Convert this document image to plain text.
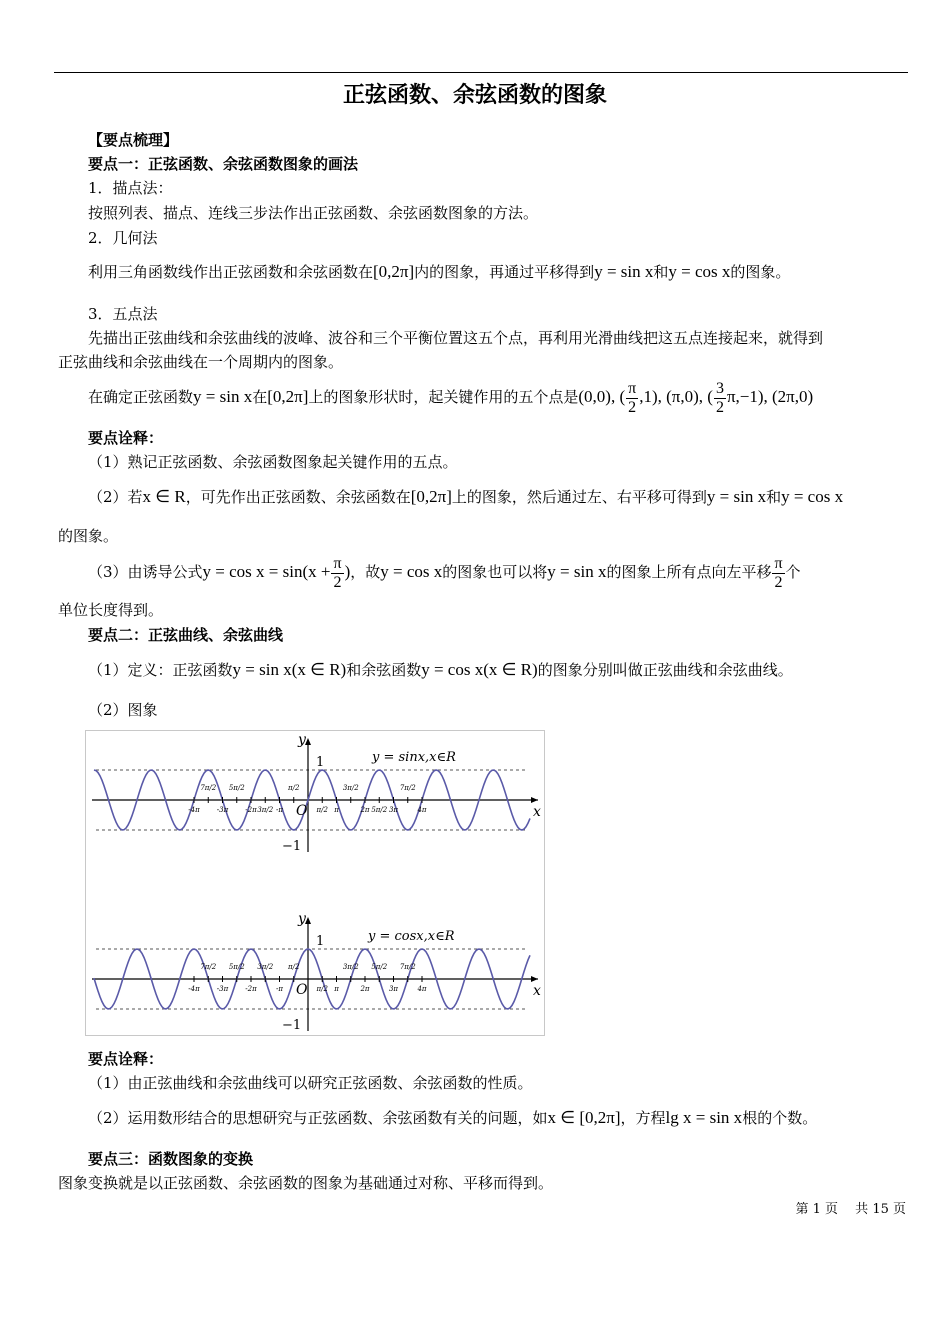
正弦函数、余弦函数的图象
【要点梳理】
要点一：正弦函数、余弦函数图象的画法
1．描点法：
按照列表、描点、连线三步法作出正弦函数、余弦函数图象的方法。
2．几何法
利用三角函数线作出正弦函数和余弦函数在[0,2π]内的图象，再通过平移得到y = sin x和y = cos x的图象。
3．五点法
先描出正弦曲线和余弦曲线的波峰、波谷和三个平衡位置这五个点，再利用光滑曲线把这五点连接起来，就得到
正弦曲线和余弦曲线在一个周期内的图象。
在确定正弦函数y = sin x在[0,2π]上的图象形状时，起关键作用的五个点是(0,0), ( $\frac{\pi}{2} ,1$), (π,0), ( $\frac{3}{2} \pi,-1$), (2π,0)
要点诠释：
（1）熟记正弦函数、余弦函数图象起关键作用的五点。
（2）若x ∈ R，可先作出正弦函数、余弦函数在[0,2π]上的图象，然后通过左、右平移可得到y = sin x和y = cos x
的图象。
（3）由诱导公式$y = \cos x = \sin(x + \frac{\pi}{2}$ )，故y = cos x的图象也可以将y = sin x的图象上所有点向左平移 $\frac{\pi}{2}$ 个
单位长度得到。
要点二：正弦曲线、余弦曲线
（1）定义：正弦函数y = sin x(x ∈ R)和余弦函数y = cos x(x ∈ R)的图象分别叫做正弦曲线和余弦曲线。
（2）图象
-4π
7π/2
-3π
5π/2
-2π 3π/2 -π
π/2
π/2 π
3π/2
2π 5π/2 3π
7π/2
4π
1
−1
O
y
x
y = sinx,x∈R
-4π
7π/2
-3π
5π/2
-2π
3π/2
-π
π/2
π/2 π
3π/2
2π
5π/2
3π
7π/2
4π
1
−1
O
y
x
y = cosx,x∈R
要点诠释：
（1）由正弦曲线和余弦曲线可以研究正弦函数、余弦函数的性质。
（2）运用数形结合的思想研究与正弦函数、余弦函数有关的问题，如x ∈ [0,2π]，方程lg x = sin x根的个数。
要点三：函数图象的变换
图象变换就是以正弦函数、余弦函数的图象为基础通过对称、平移而得到。
第 1 页　 共 15 页
